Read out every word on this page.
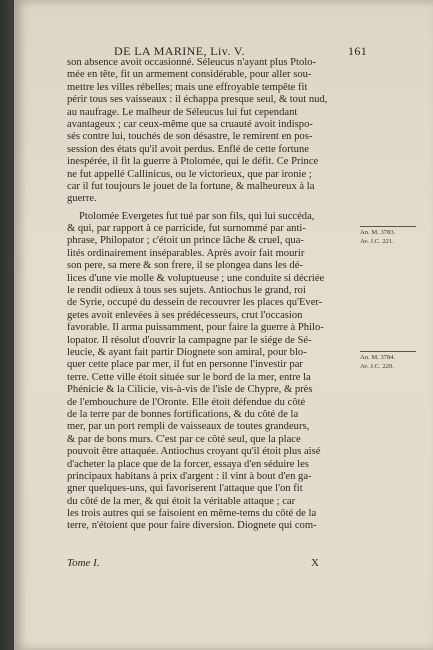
DE LA MARINE, Liv. V.	161
son absence avoit occasionné. Séleucus n'ayant plus Ptolo-
mée en tête, fit un armement considérable, pour aller sou-
mettre les villes rébelles; mais une effroyable tempête fit
périr tous ses vaisseaux : il échappa presque seul, & tout nud,
au naufrage. Le malheur de Séleucus lui fut cependant
avantageux ; car ceux-même que sa cruauté avoit indispo-
sés contre lui, touchés de son désastre, le remirent en pos-
session des états qu'il avoit perdus. Enflé de cette fortune
inespérée, il fit la guerre à Ptolomée, qui le défit. Ce Prince
ne fut appellé Callinicus, ou le victorieux, que par ironie ;
car il fut toujours le jouet de la fortune, & malheureux à la
guerre.
Ptolomée Evergetes fut tué par son fils, qui lui succéda,
& qui, par rapport à ce parricide, fut surnommé par anti-
phrase, Philopator ; c'étoit un prince lâche & cruel, qua-
lités ordinairement inséparables. Après avoir fait mourir
son pere, sa mere & son frere, il se plongea dans les dé-
lices d'une vie molle & voluptueuse ; une conduite si décriée
le rendit odieux à tous ses sujets. Antiochus le grand, roi
de Syrie, occupé du dessein de recouvrer les places qu'Ever-
getes avoit enlevées à ses prédécesseurs, crut l'occasion
favorable. Il arma puissamment, pour faire la guerre à Philo-
lopator. Il résolut d'ouvrir la campagne par le siége de Sé-
leucie, & ayant fait partir Diognete son amiral, pour blo-
quer cette place par mer, il fut en personne l'investir par
terre. Cette ville étoit située sur le bord de la mer, entre la
Phénicie & la Cilicie, vis-à-vis de l'isle de Chypre, & près
de l'embouchure de l'Oronte. Elle étoit défendue du côté
de la terre par de bonnes fortifications, & du côté de la
mer, par un port rempli de vaisseaux de toutes grandeurs,
& par de bons murs. C'est par ce côté seul, que la place
pouvoit être attaquée. Antiochus croyant qu'il étoit plus aisé
d'acheter la place que de la forcer, essaya d'en séduire les
principaux habitans à prix d'argent : il vint à bout d'en ga-
gner quelques-uns, qui favoriserent l'attaque que l'on fit
du côté de la mer, & qui étoit la véritable attaque ; car
les trois autres qui se faisoient en même-tems du côté de la
terre, n'étoient que pour faire diversion. Diognete qui com-
An. M. 3783.
Av. J.C. 221.
An. M. 3784.
Av. J.C. 220.
Tome I.	X
